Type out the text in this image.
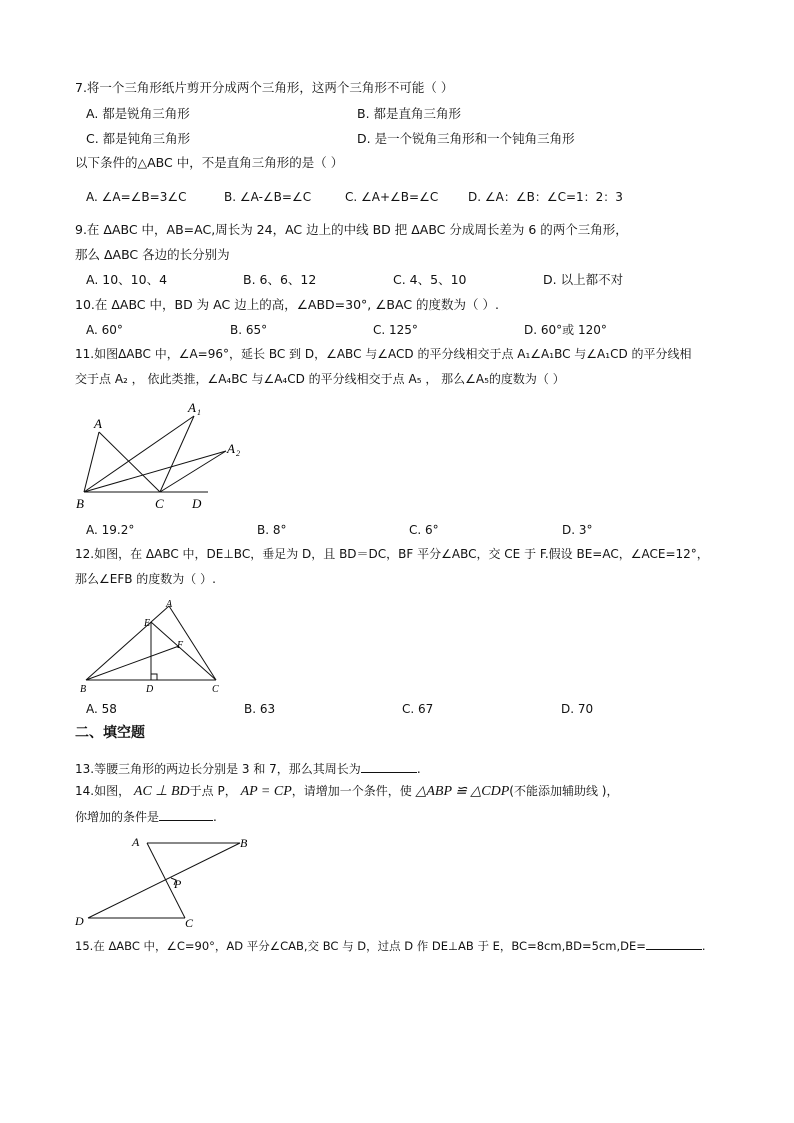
7.将一个三角形纸片剪开分成两个三角形，这两个三角形不可能（ ）
A. 都是锐角三角形	B. 都是直角三角形
C. 都是钝角三角形	D. 是一个锐角三角形和一个钝角三角形
以下条件的△ABC 中，不是直角三角形的是（ ）
A. ∠A=∠B=3∠C	B. ∠A-∠B=∠C	C. ∠A+∠B=∠C D. ∠A：∠B：∠C=1：2：3
9.在 ΔABC 中，AB=AC,周长为 24，AC 边上的中线 BD 把 ΔABC 分成周长差为 6 的两个三角形，
那么 ΔABC 各边的长分别为
A. 10、10、4	B. 6、6、12	C. 4、5、10	D. 以上都不对
10.在 ΔABC 中，BD 为 AC 边上的高，∠ABD=30°, ∠BAC 的度数为（ ）.
A. 60°	B. 65°	C. 125°	D. 60°或 120°
11.如图ΔABC 中，∠A=96°，延长 BC 到 D，∠ABC 与∠ACD 的平分线相交于点 A₁∠A₁BC 与∠A₁CD 的平分线相
交于点 A₂ ， 依此类推，∠A₄BC 与∠A₄CD 的平分线相交于点 A₅ ， 那么∠A₅的度数为（ ）
A
A 1
A 2
B	C D
A. 19.2°	B. 8°	C. 6°	D. 3°
12.如图，在 ΔABC 中，DE⊥BC，垂足为 D，且 BD＝DC，BF 平分∠ABC，交 CE 于 F.假设 BE=AC，∠ACE=12°，
那么∠EFB 的度数为（ ）.
A
E
F
B	D	C
A. 58	B. 63	C. 67	D. 70
二、填空题
13.等腰三角形的两边长分别是 3 和 7，那么其周长为	.
14.如图， AC ⊥ BD于点 P， AP = CP，请增加一个条件，使 △ABP ≌ △CDP(不能添加辅助线 )，
你增加的条件是	.
A	B
P
D	C
15.在 ΔABC 中，∠C=90°，AD 平分∠CAB,交 BC 与 D，过点 D 作 DE⊥AB 于 E，BC=8cm,BD=5cm,DE=	.
